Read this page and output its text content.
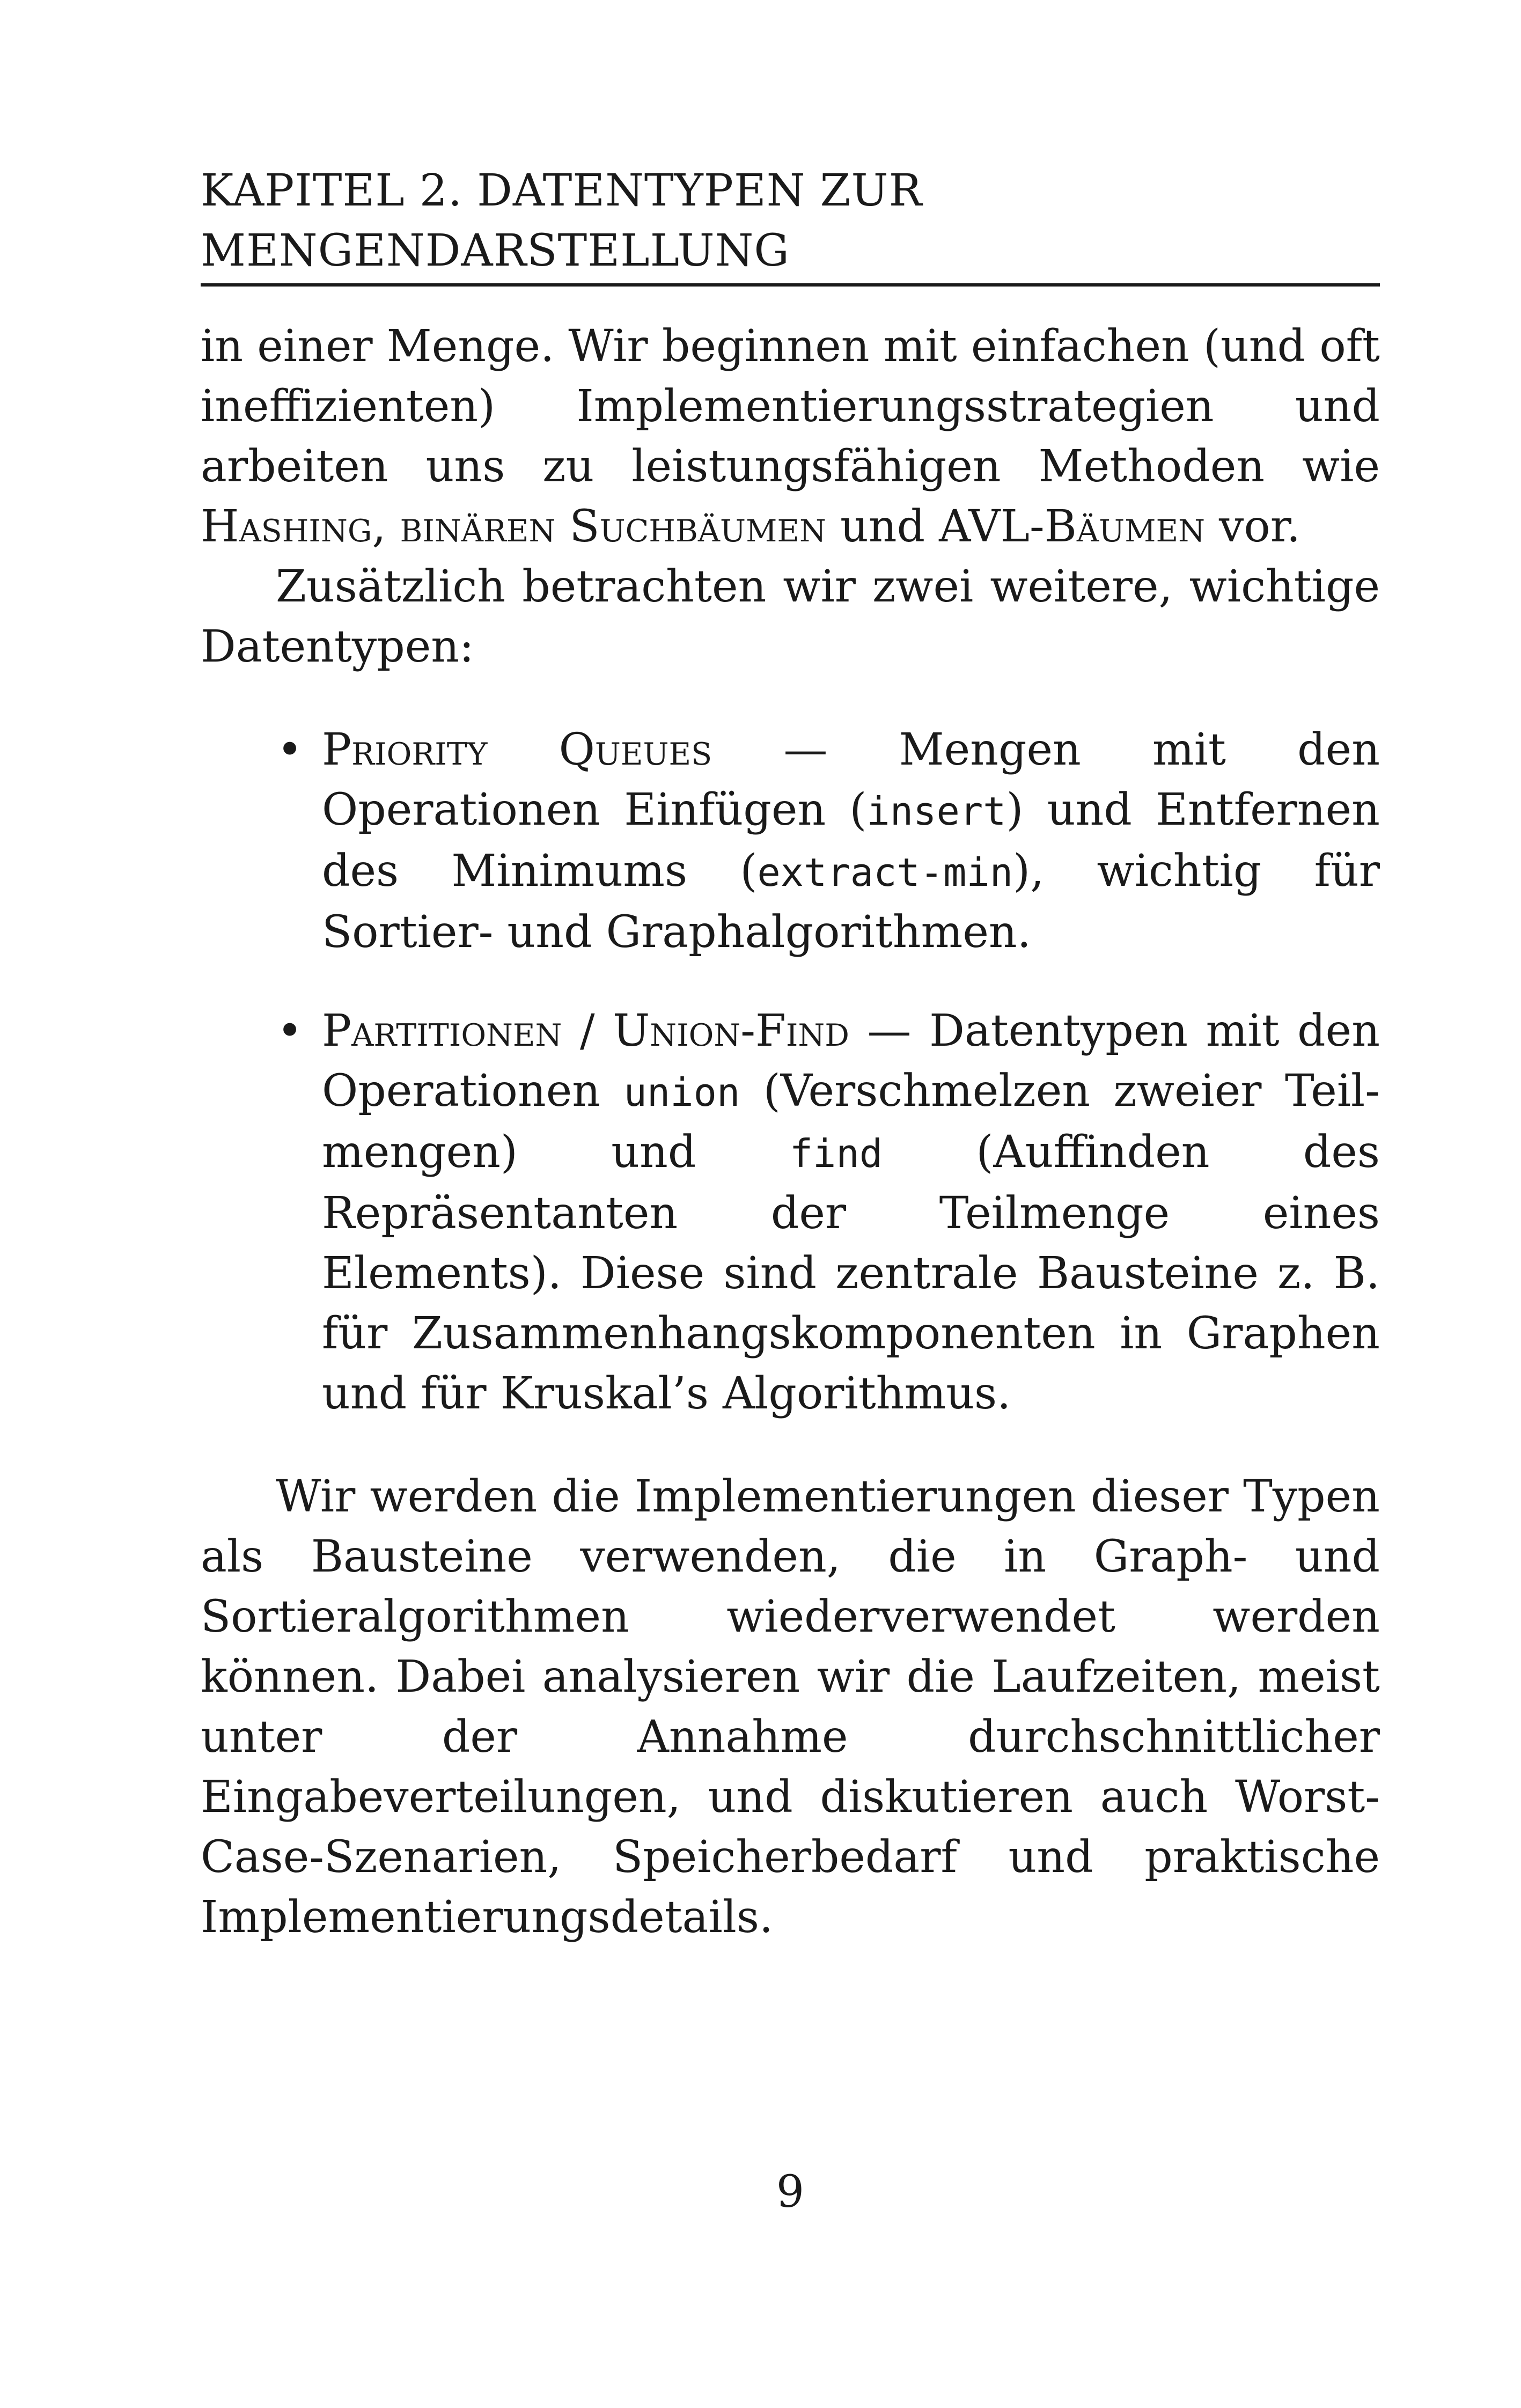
KAPITEL 2. DATENTYPEN ZUR
MENGENDARSTELLUNG

in einer Menge. Wir beginnen mit einfachen (und oft ineffizienten) Implementierungsstrategien und arbeiten uns zu leistungsfähigen Methoden wie Hashing, binären Suchbäumen und AVL-Bäumen vor.

Zusätzlich betrachten wir zwei weitere, wichtige Datentypen:

• Priority Queues — Mengen mit den Operationen Einfügen (insert) und Entfernen des Minimums (extract-min), wichtig für Sortier- und Graphalgorithmen.
• Partitionen / Union-Find — Datentypen mit den Operationen union (Verschmelzen zweier Teilmengen) und find (Auffinden des Repräsentanten der Teilmenge eines Elements). Diese sind zentrale Bausteine z. B. für Zusammenhangskomponenten in Graphen und für Kruskal’s Algorithmus.

Wir werden die Implementierungen dieser Typen als Bausteine verwenden, die in Graph- und Sortieralgorithmen wiederverwendet werden können. Dabei analysieren wir die Laufzeiten, meist unter der Annahme durchschnittlicher Eingabeverteilungen, und diskutieren auch Worst-Case-Szenarien, Speicherbedarf und praktische Implementierungsdetails.

9
